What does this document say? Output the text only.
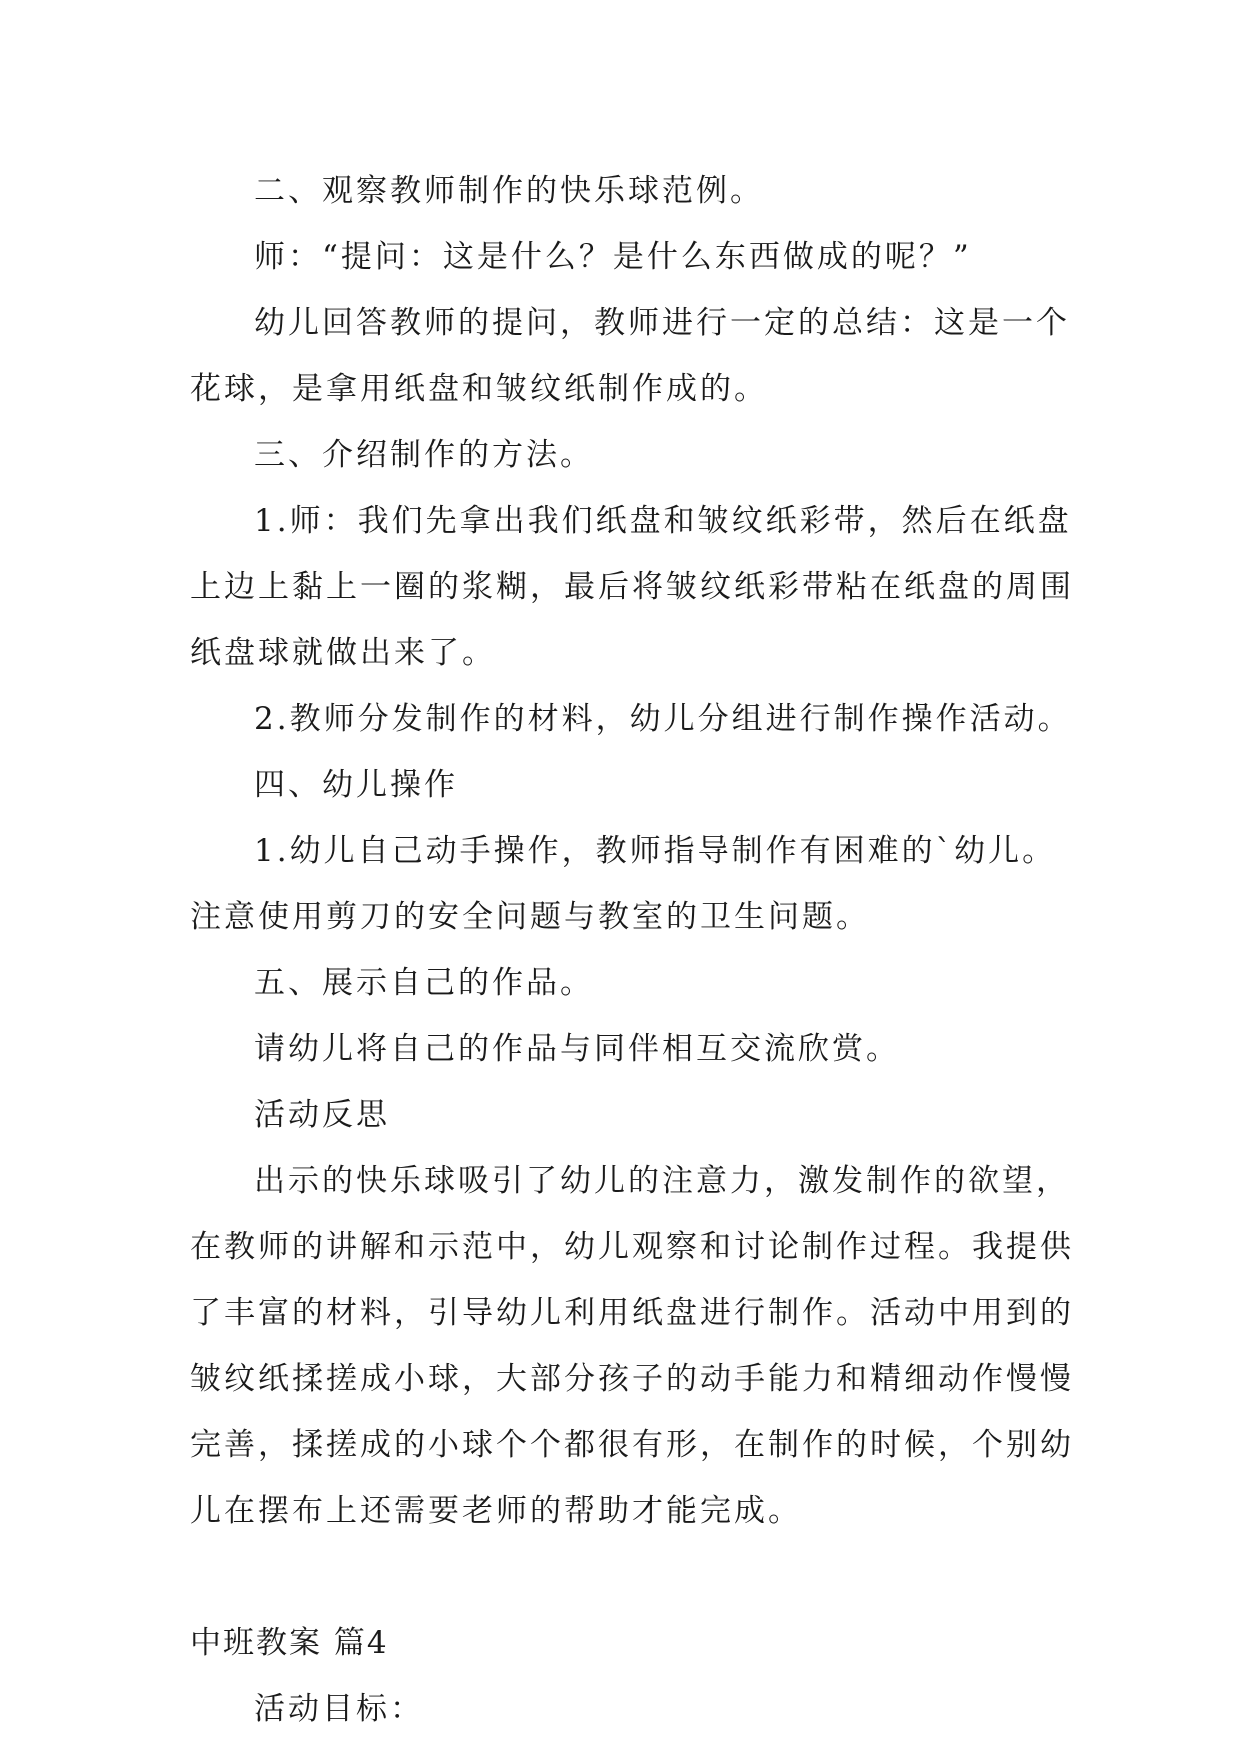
二、观察教师制作的快乐球范例。
师：“提问：这是什么？是什么东西做成的呢？”
幼儿回答教师的提问，教师进行一定的总结：这是一个
花球，是拿用纸盘和皱纹纸制作成的。
三、介绍制作的方法。
1.师：我们先拿出我们纸盘和皱纹纸彩带，然后在纸盘
上边上黏上一圈的浆糊，最后将皱纹纸彩带粘在纸盘的周围
纸盘球就做出来了。
2.教师分发制作的材料，幼儿分组进行制作操作活动。
四、幼儿操作
1.幼儿自己动手操作，教师指导制作有困难的`幼儿。
注意使用剪刀的安全问题与教室的卫生问题。
五、展示自己的作品。
请幼儿将自己的作品与同伴相互交流欣赏。
活动反思
出示的快乐球吸引了幼儿的注意力，激发制作的欲望，
在教师的讲解和示范中，幼儿观察和讨论制作过程。我提供
了丰富的材料，引导幼儿利用纸盘进行制作。活动中用到的
皱纹纸揉搓成小球，大部分孩子的动手能力和精细动作慢慢
完善，揉搓成的小球个个都很有形，在制作的时候，个别幼
儿在摆布上还需要老师的帮助才能完成。
中班教案 篇4
活动目标：
